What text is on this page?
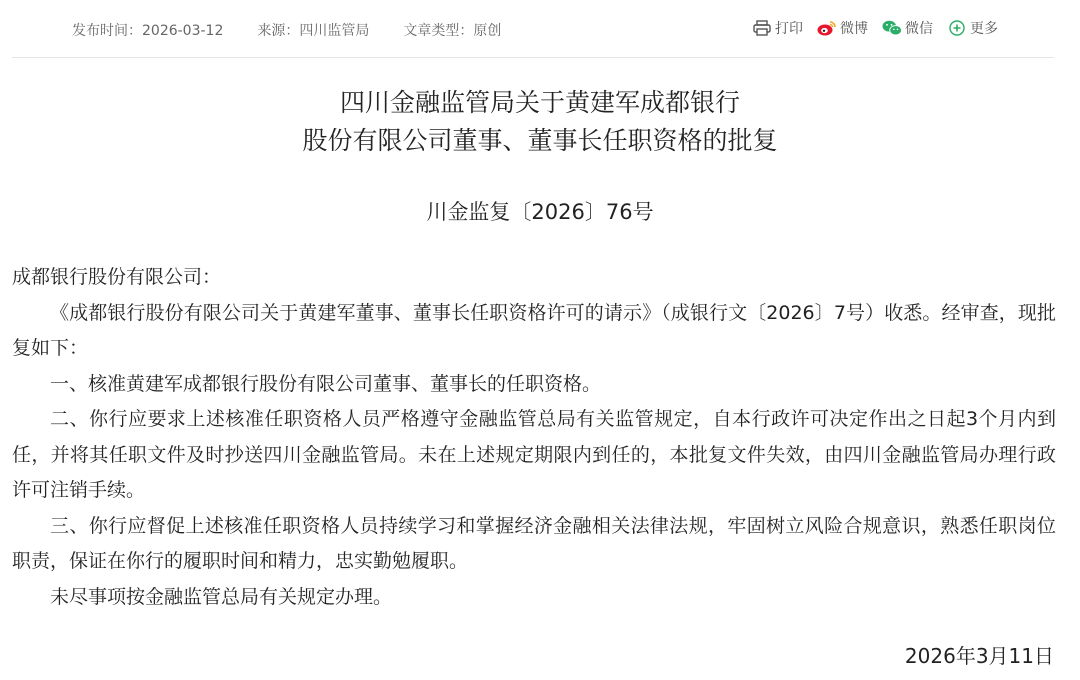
发布时间：2026-03-12 来源：四川监管局 文章类型：原创	打印	微博	微信	更多
四川金融监管局关于黄建军成都银行
股份有限公司董事、董事长任职资格的批复
川金监复〔2026〕76号

成都银行股份有限公司：

《成都银行股份有限公司关于黄建军董事、董事长任职资格许可的请示》（成银行文〔2026〕7号）收悉。经审查，现批复如下：

一、核准黄建军成都银行股份有限公司董事、董事长的任职资格。

二、你行应要求上述核准任职资格人员严格遵守金融监管总局有关监管规定，自本行政许可决定作出之日起3个月内到任，并将其任职文件及时抄送四川金融监管局。未在上述规定期限内到任的，本批复文件失效，由四川金融监管局办理行政许可注销手续。

三、你行应督促上述核准任职资格人员持续学习和掌握经济金融相关法律法规，牢固树立风险合规意识，熟悉任职岗位职责，保证在你行的履职时间和精力，忠实勤勉履职。

未尽事项按金融监管总局有关规定办理。

2026年3月11日
